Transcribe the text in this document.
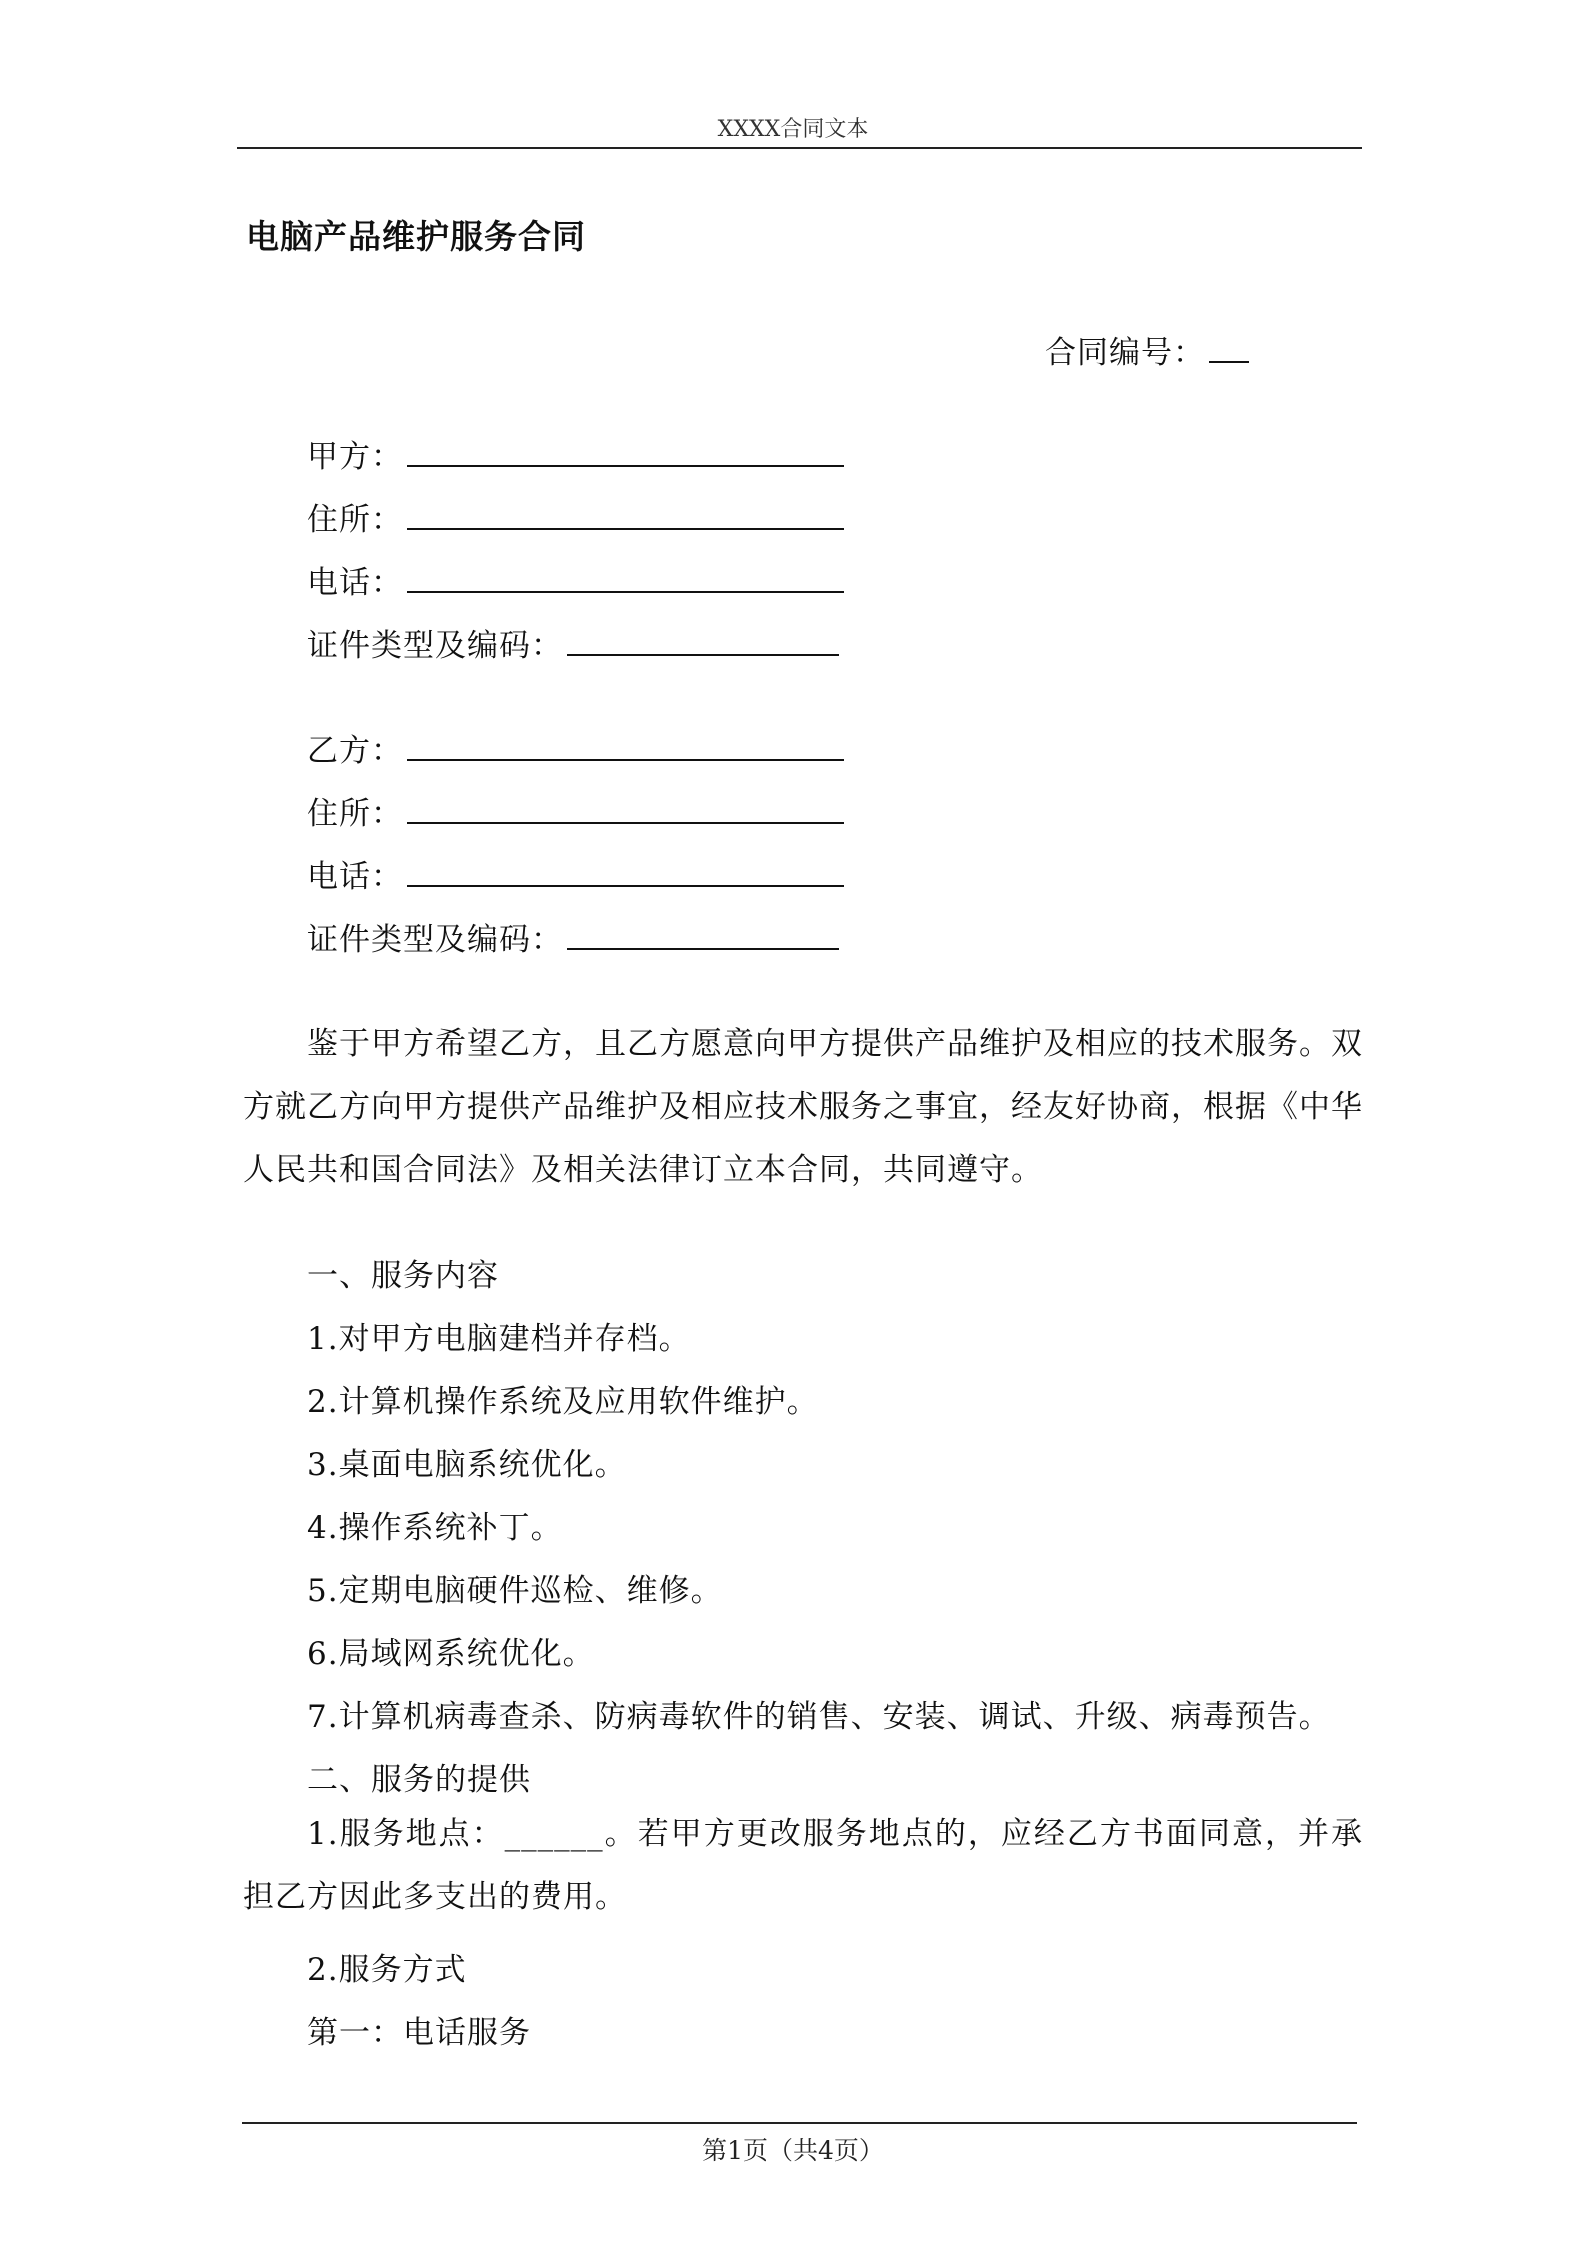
XXXX合同文本
电脑产品维护服务合同
合同编号：
甲方：
住所：
电话：
证件类型及编码：
乙方：
住所：
电话：
证件类型及编码：
鉴于甲方希望乙方，且乙方愿意向甲方提供产品维护及相应的技术服务。双方就乙方向甲方提供产品维护及相应技术服务之事宜，经友好协商，根据《中华人民共和国合同法》及相关法律订立本合同，共同遵守。
一、服务内容
1.对甲方电脑建档并存档。
2.计算机操作系统及应用软件维护。
3.桌面电脑系统优化。
4.操作系统补丁。
5.定期电脑硬件巡检、维修。
6.局域网系统优化。
7.计算机病毒查杀、防病毒软件的销售、安装、调试、升级、病毒预告。
二、服务的提供
1.服务地点：______。若甲方更改服务地点的，应经乙方书面同意，并承担乙方因此多支出的费用。
2.服务方式
第一：电话服务
第1页（共4页）
